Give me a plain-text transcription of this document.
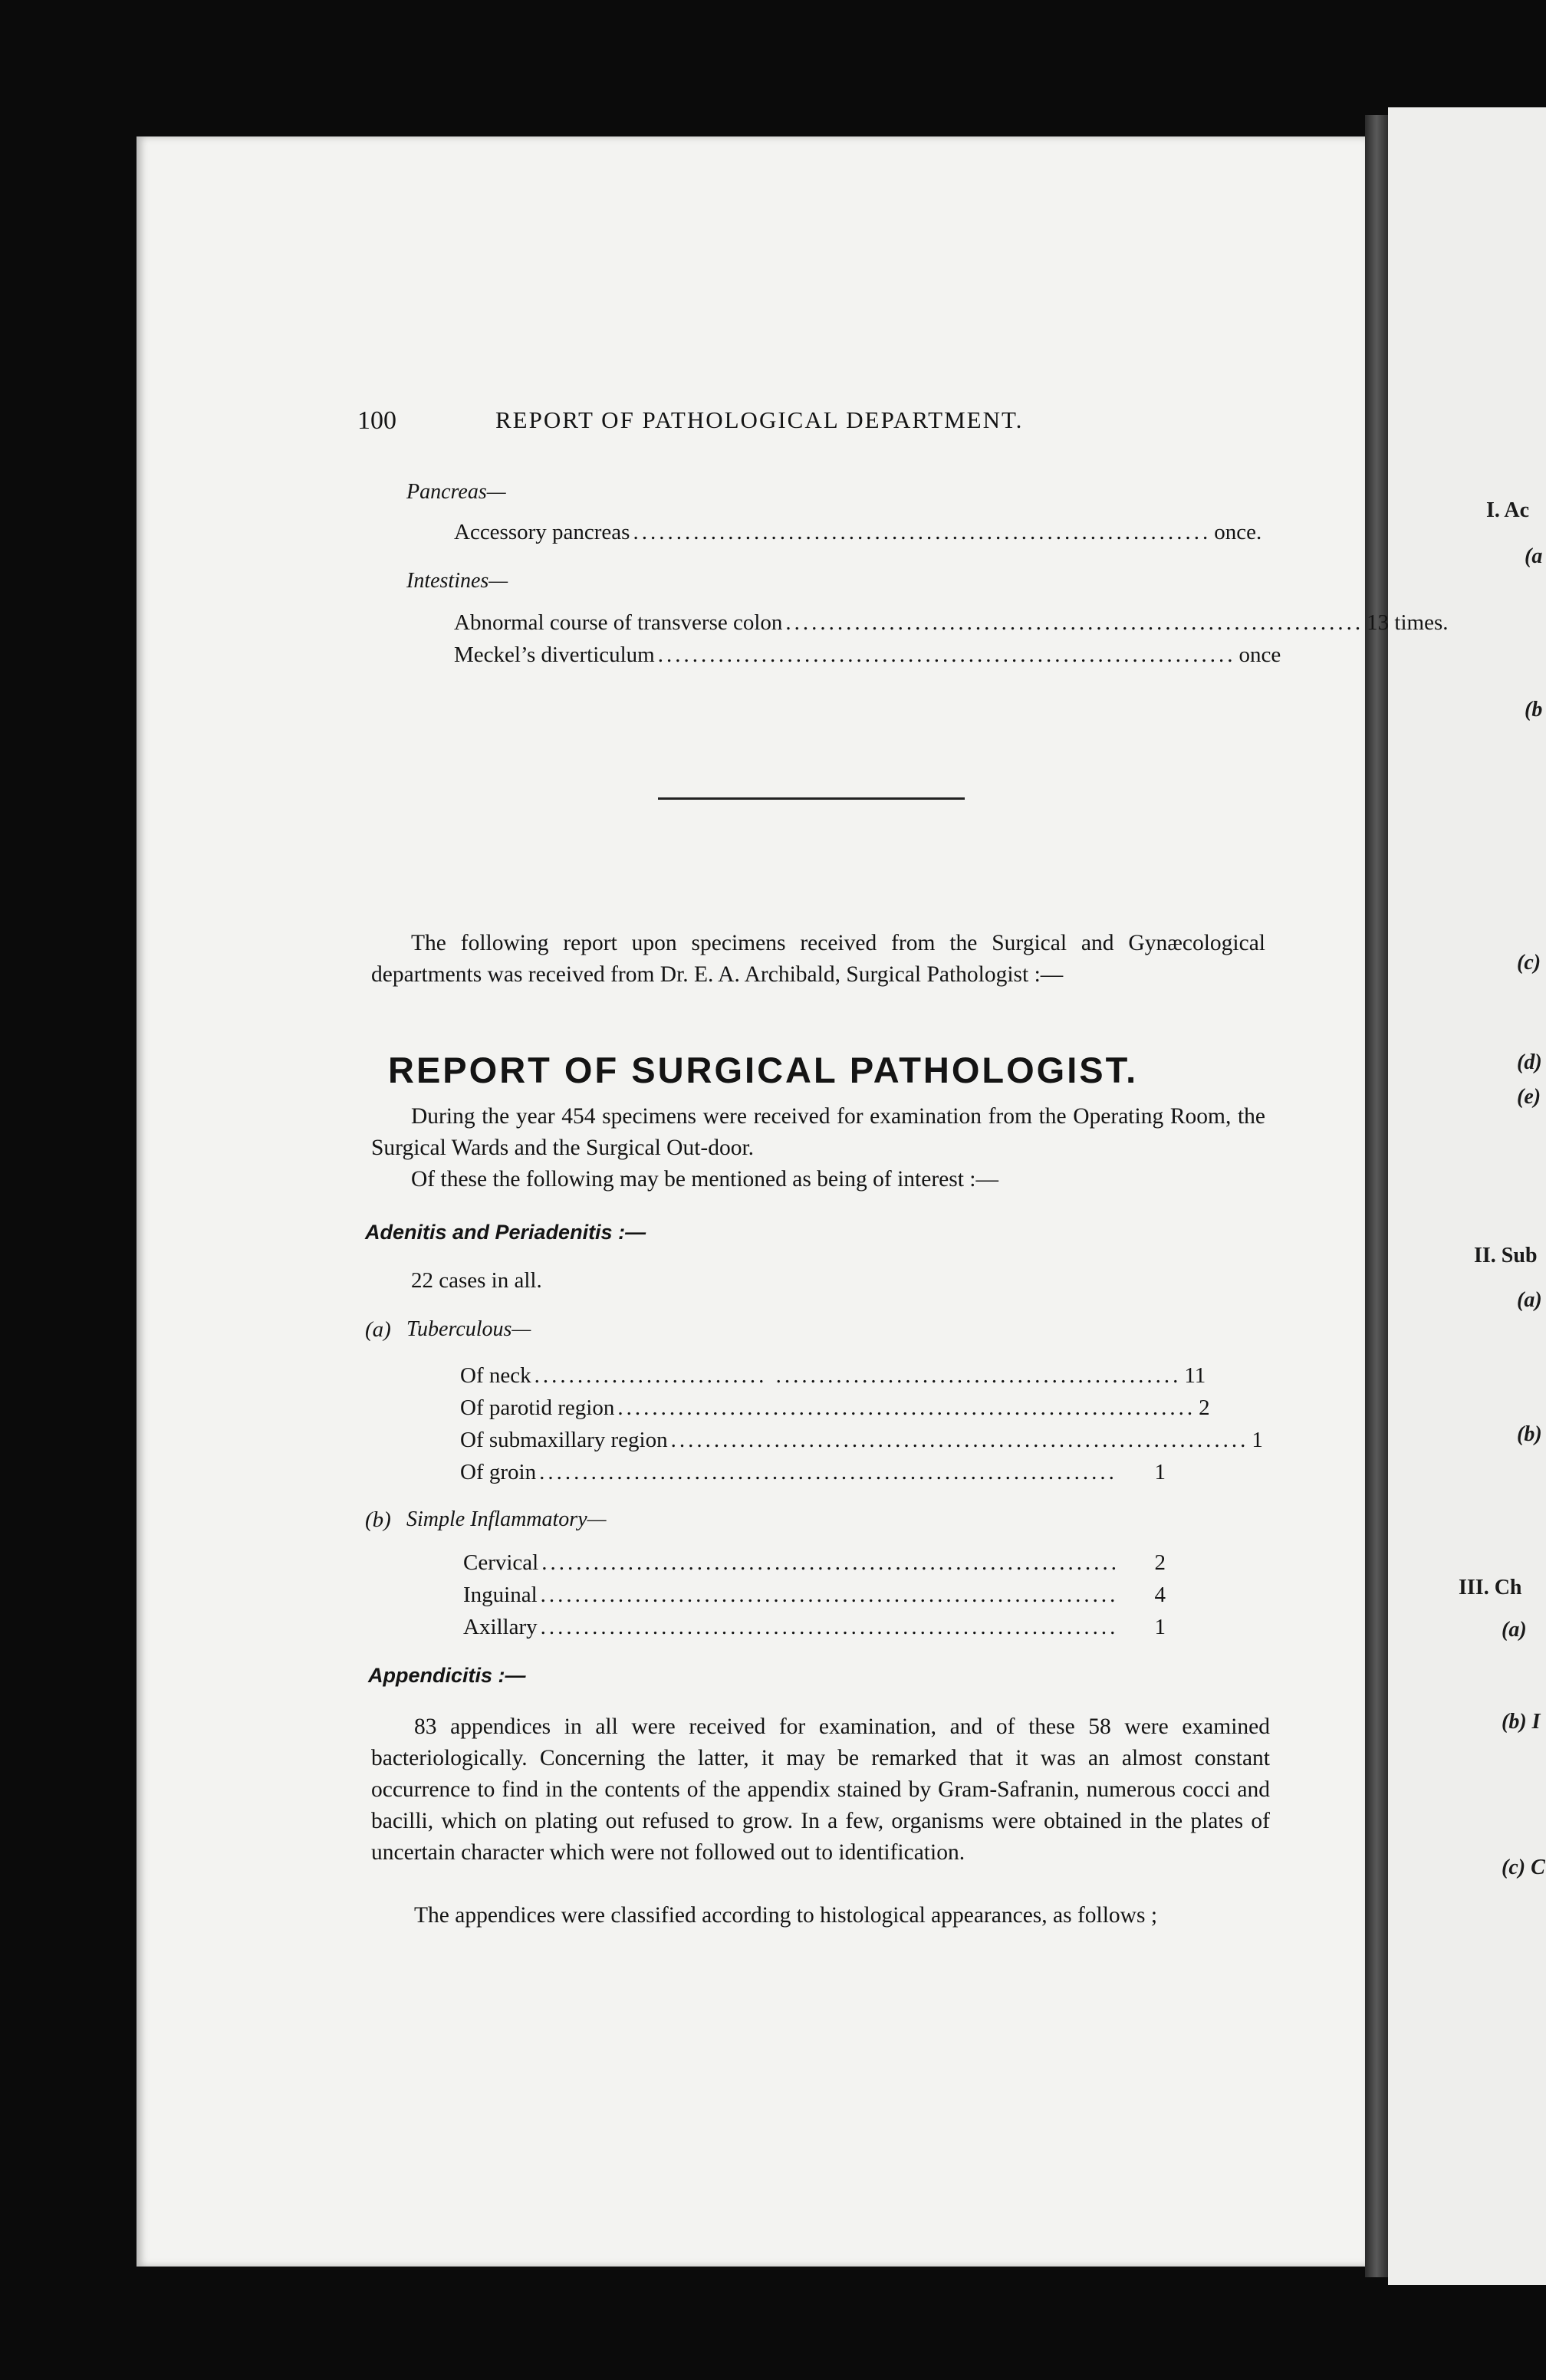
I. Ac
(a
(b
(c)
(d)
(e)
II. Sub
(a)
(b)
III. Ch
(a)
(b) I
(c) C
100	REPORT OF PATHOLOGICAL DEPARTMENT.
Pancreas—
Accessory pancreas ................................................................... once.
Intestines—
Abnormal course of transverse colon ................................................................... 13 times.
Meckel’s diverticulum ................................................................... once

The following report upon specimens received from the Surgical and Gynæcological departments was received from Dr. E. A. Archibald, Surgical Pathologist :—

REPORT OF SURGICAL PATHOLOGIST.

During the year 454 specimens were received for examination from the Operating Room, the Surgical Wards and the Surgical Out-door.

Of these the following may be mentioned as being of interest :—

Adenitis and Periadenitis :—
22 cases in all.
(a) Tuberculous—
Of neck ........................... ............................................... 11
Of parotid region ................................................................... 2
Of submaxillary region ................................................................... 1
Of groin ...................................................................	1
(b) Simple Inflammatory—
Cervical ...................................................................	2
Inguinal ...................................................................	4
Axillary ...................................................................	1
Appendicitis :—

83 appendices in all were received for examination, and of these 58 were examined bacteriologically. Concerning the latter, it may be remarked that it was an almost constant occurrence to find in the contents of the appendix stained by Gram-Safranin, numerous cocci and bacilli, which on plating out refused to grow. In a few, organisms were obtained in the plates of uncertain character which were not followed out to identification.

The appendices were classified according to histological appearances, as follows ;
